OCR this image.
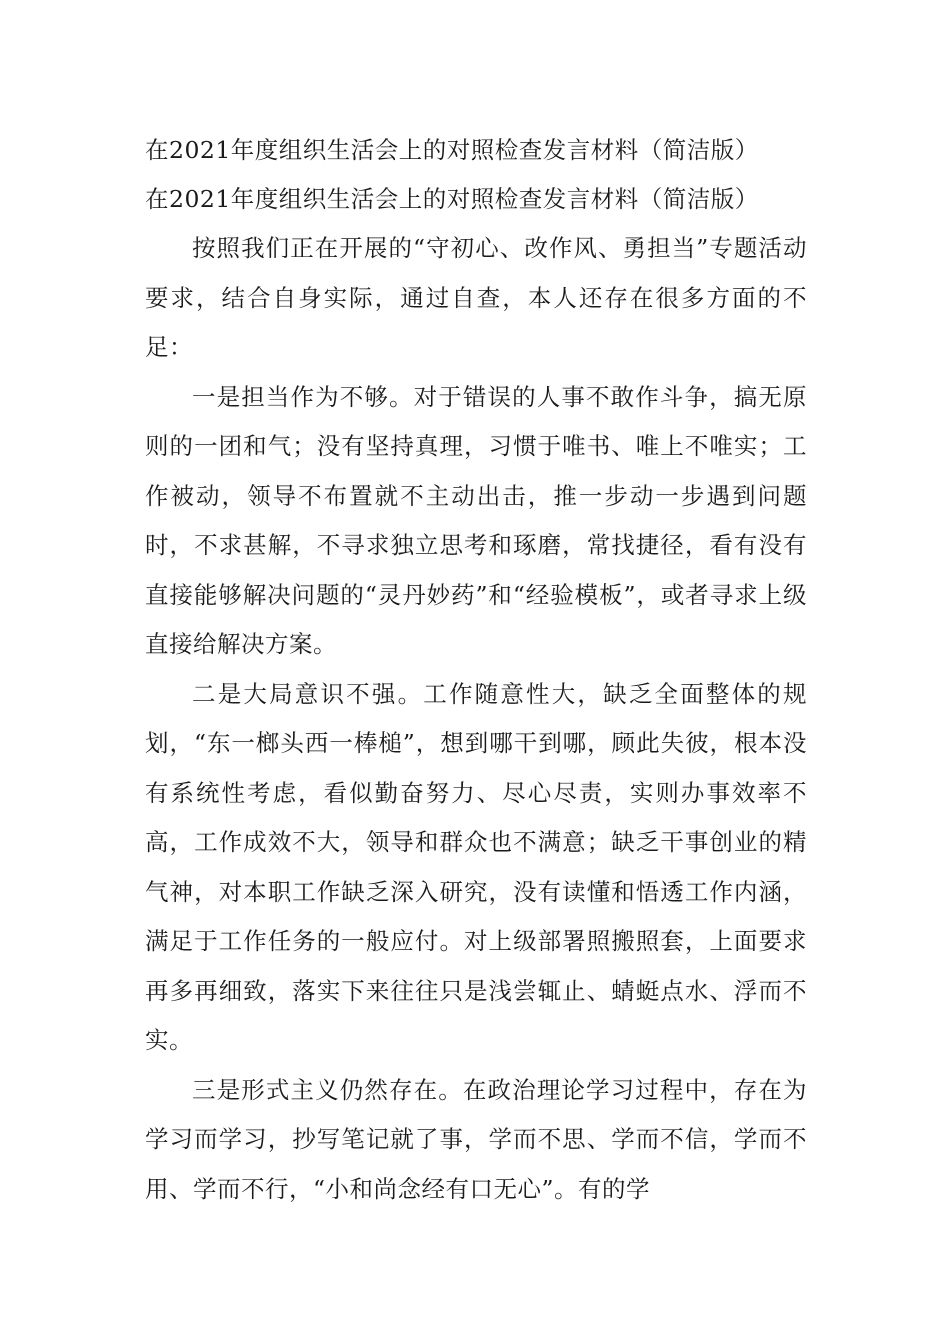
在2021年度组织生活会上的对照检查发言材料（简洁版）

在2021年度组织生活会上的对照检查发言材料（简洁版）

按照我们正在开展的“守初心、改作风、勇担当”专题活动要求，结合自身实际，通过自查，本人还存在很多方面的不足：

一是担当作为不够。对于错误的人事不敢作斗争，搞无原则的一团和气；没有坚持真理，习惯于唯书、唯上不唯实；工作被动，领导不布置就不主动出击，推一步动一步遇到问题时，不求甚解，不寻求独立思考和琢磨，常找捷径，看有没有直接能够解决问题的“灵丹妙药”和“经验模板”，或者寻求上级直接给解决方案。

二是大局意识不强。工作随意性大，缺乏全面整体的规划，“东一榔头西一棒槌”，想到哪干到哪，顾此失彼，根本没有系统性考虑，看似勤奋努力、尽心尽责，实则办事效率不高，工作成效不大，领导和群众也不满意；缺乏干事创业的精气神，对本职工作缺乏深入研究，没有读懂和悟透工作内涵，满足于工作任务的一般应付。对上级部署照搬照套，上面要求再多再细致，落实下来往往只是浅尝辄止、蜻蜓点水、浮而不实。

三是形式主义仍然存在。在政治理论学习过程中，存在为学习而学习，抄写笔记就了事，学而不思、学而不信，学而不用、学而不行，“小和尚念经有口无心”。有的学
